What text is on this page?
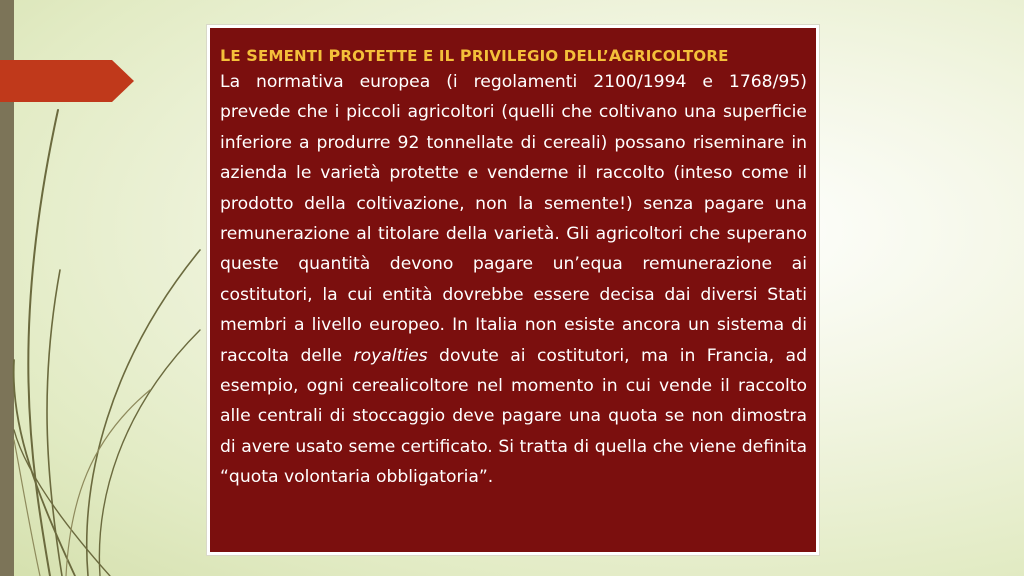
LE SEMENTI PROTETTE E IL PRIVILEGIO DELL’AGRICOLTORE

La normativa europea (i regolamenti 2100/1994 e 1768/95) prevede che i piccoli agricoltori (quelli che coltivano una superficie inferiore a produrre 92 tonnellate di cereali) possano riseminare in azienda le varietà protette e venderne il raccolto (inteso come il prodotto della coltivazione, non la semente!) senza pagare una remunerazione al titolare della varietà. Gli agricoltori che superano queste quantità devono pagare un’equa remunerazione ai costitutori, la cui entità dovrebbe essere decisa dai diversi Stati membri a livello europeo. In Italia non esiste ancora un sistema di raccolta delle royalties dovute ai costitutori, ma in Francia, ad esempio, ogni cerealicoltore nel momento in cui vende il raccolto alle centrali di stoccaggio deve pagare una quota se non dimostra di avere usato seme certificato. Si tratta di quella che viene definita “quota volontaria obbligatoria”.
